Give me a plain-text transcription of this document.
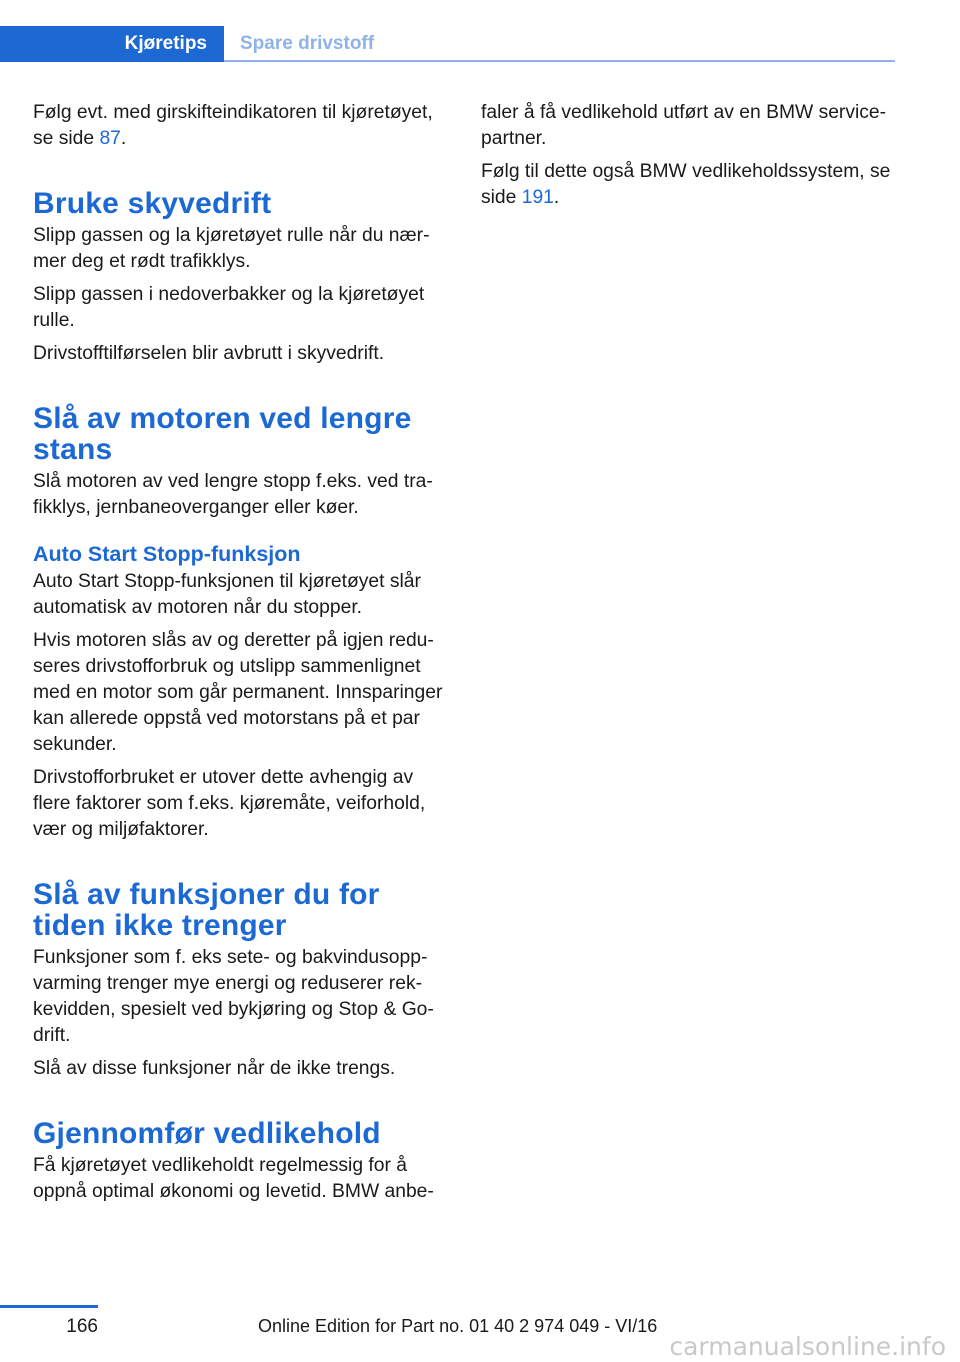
Kjøretips	Spare drivstoff

Følg evt. med girskifteindikatoren til kjøretøyet, se side 87.

Bruke skyvedrift

Slipp gassen og la kjøretøyet rulle når du nærmer deg et rødt trafikklys.

Slipp gassen i nedoverbakker og la kjøretøyet rulle.

Drivstofftilførselen blir avbrutt i skyvedrift.

Slå av motoren ved lengre stans

Slå motoren av ved lengre stopp f.eks. ved trafikklys, jernbaneoverganger eller køer.

Auto Start Stopp-funksjon

Auto Start Stopp-funksjonen til kjøretøyet slår automatisk av motoren når du stopper.

Hvis motoren slås av og deretter på igjen reduseres drivstofforbruk og utslipp sammenlignet med en motor som går permanent. Innsparinger kan allerede oppstå ved motorstans på et par sekunder.

Drivstofforbruket er utover dette avhengig av flere faktorer som f.eks. kjøremåte, veiforhold, vær og miljøfaktorer.

Slå av funksjoner du for tiden ikke trenger

Funksjoner som f. eks sete- og bakvindusoppvarming trenger mye energi og reduserer rekkevidden, spesielt ved bykjøring og Stop & Go-drift.

Slå av disse funksjoner når de ikke trengs.

Gjennomfør vedlikehold

Få kjøretøyet vedlikeholdt regelmessig for å oppnå optimal økonomi og levetid. BMW anbe-

faler å få vedlikehold utført av en BMW servicepartner.

Følg til dette også BMW vedlikeholdssystem, se side 191.

166	Online Edition for Part no. 01 40 2 974 049 - VI/16
carmanualsonline.info
